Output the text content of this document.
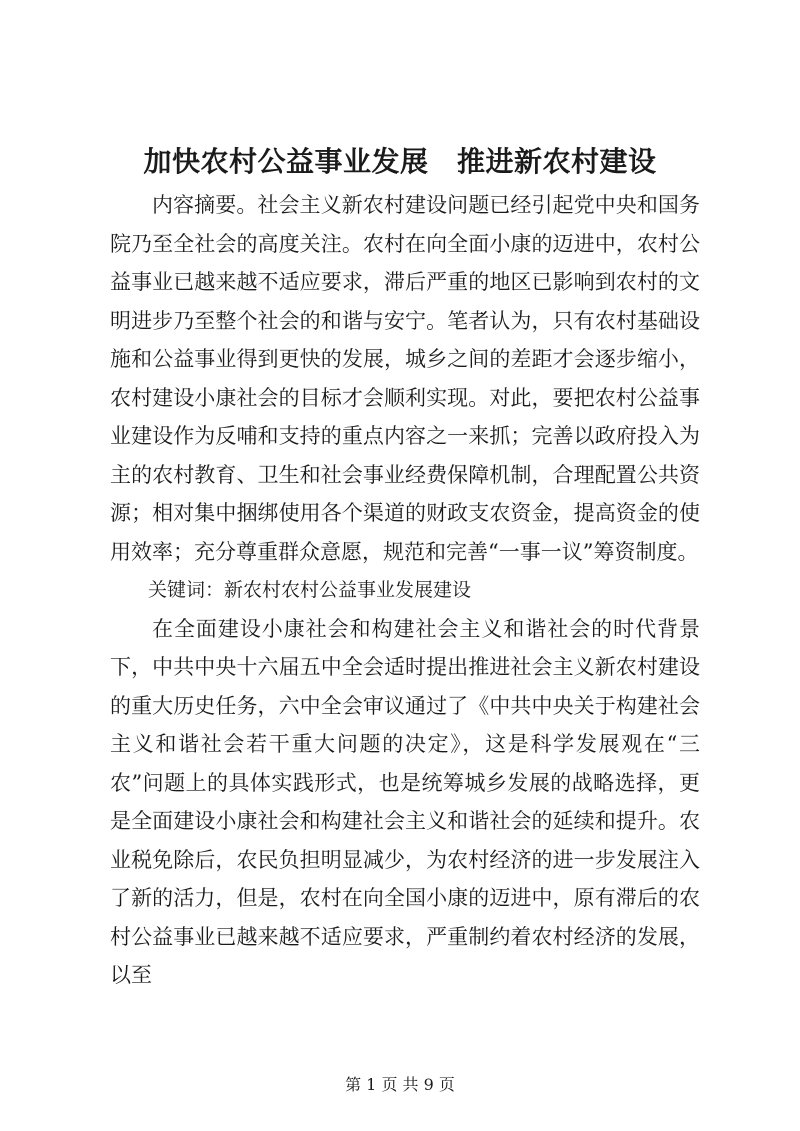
加快农村公益事业发展　推进新农村建设

内容摘要。社会主义新农村建设问题已经引起党中央和国务院乃至全社会的高度关注。农村在向全面小康的迈进中，农村公益事业已越来越不适应要求，滞后严重的地区已影响到农村的文明进步乃至整个社会的和谐与安宁。笔者认为，只有农村基础设施和公益事业得到更快的发展，城乡之间的差距才会逐步缩小，农村建设小康社会的目标才会顺利实现。对此，要把农村公益事业建设作为反哺和支持的重点内容之一来抓；完善以政府投入为主的农村教育、卫生和社会事业经费保障机制，合理配置公共资源；相对集中捆绑使用各个渠道的财政支农资金，提高资金的使用效率；充分尊重群众意愿，规范和完善“一事一议”筹资制度。

关键词：新农村农村公益事业发展建设

在全面建设小康社会和构建社会主义和谐社会的时代背景下，中共中央十六届五中全会适时提出推进社会主义新农村建设的重大历史任务，六中全会审议通过了《中共中央关于构建社会主义和谐社会若干重大问题的决定》，这是科学发展观在“三农”问题上的具体实践形式，也是统筹城乡发展的战略选择，更是全面建设小康社会和构建社会主义和谐社会的延续和提升。农业税免除后，农民负担明显减少，为农村经济的进一步发展注入了新的活力，但是，农村在向全国小康的迈进中，原有滞后的农村公益事业已越来越不适应要求，严重制约着农村经济的发展，以至

第 1 页 共 9 页
